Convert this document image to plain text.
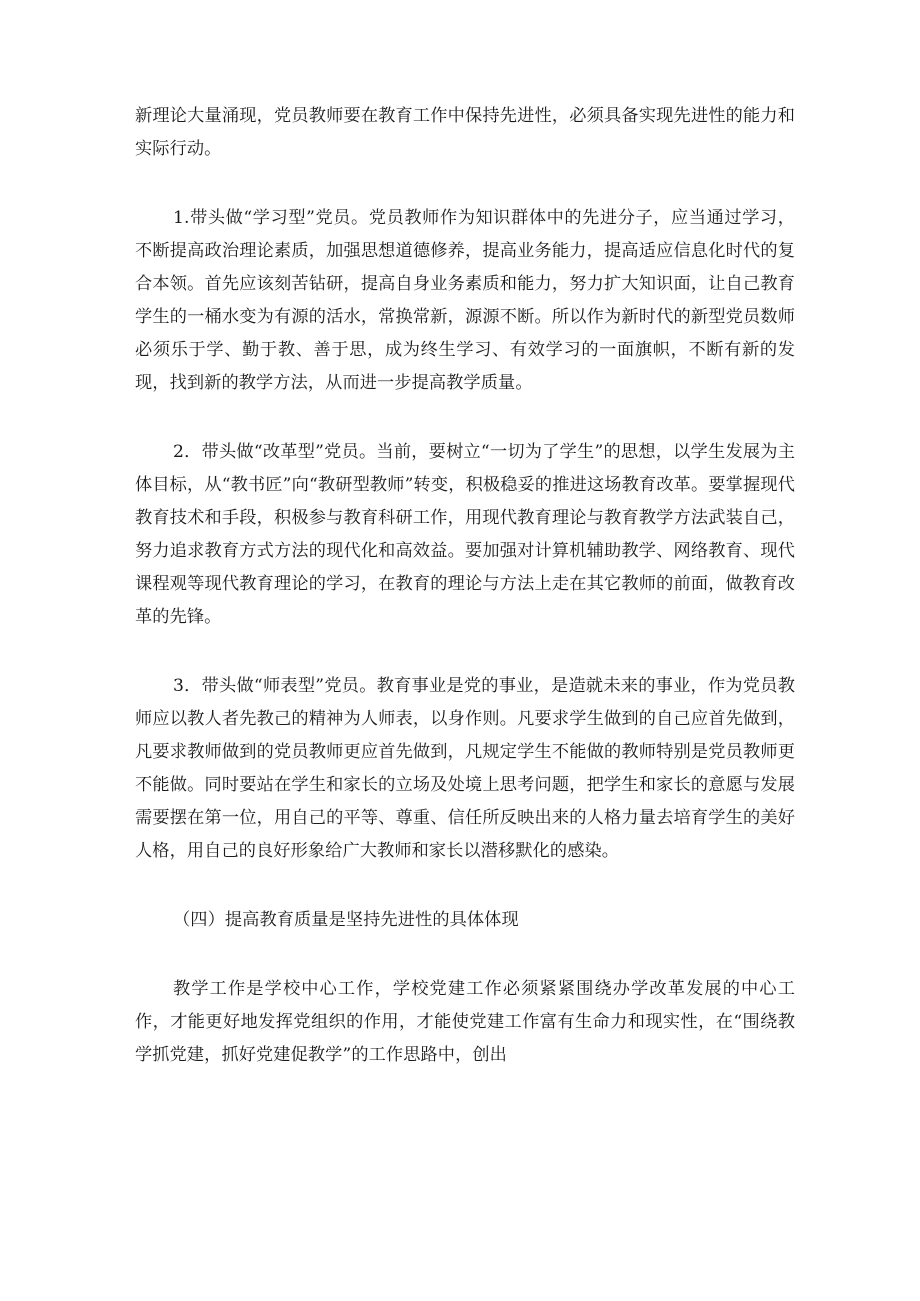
新理论大量涌现，党员教师要在教育工作中保持先进性，必须具备实现先进性的能力和实际行动。

1.带头做“学习型”党员。党员教师作为知识群体中的先进分子，应当通过学习，不断提高政治理论素质，加强思想道德修养，提高业务能力，提高适应信息化时代的复合本领。首先应该刻苦钻研，提高自身业务素质和能力，努力扩大知识面，让自己教育学生的一桶水变为有源的活水，常换常新，源源不断。所以作为新时代的新型党员数师必须乐于学、勤于教、善于思，成为终生学习、有效学习的一面旗帜，不断有新的发现，找到新的教学方法，从而进一步提高教学质量。

2．带头做“改革型”党员。当前，要树立“一切为了学生”的思想，以学生发展为主体目标，从“教书匠”向“教研型教师”转变，积极稳妥的推进这场教育改革。要掌握现代教育技术和手段，积极参与教育科研工作，用现代教育理论与教育教学方法武装自己，努力追求教育方式方法的现代化和高效益。要加强对计算机辅助教学、网络教育、现代课程观等现代教育理论的学习，在教育的理论与方法上走在其它教师的前面，做教育改革的先锋。

3．带头做“师表型”党员。教育事业是党的事业，是造就未来的事业，作为党员教师应以教人者先教己的精神为人师表，以身作则。凡要求学生做到的自己应首先做到，凡要求教师做到的党员教师更应首先做到，凡规定学生不能做的教师特别是党员教师更不能做。同时要站在学生和家长的立场及处境上思考问题，把学生和家长的意愿与发展需要摆在第一位，用自己的平等、尊重、信任所反映出来的人格力量去培育学生的美好人格，用自己的良好形象给广大教师和家长以潜移默化的感染。

（四）提高教育质量是坚持先进性的具体体现

教学工作是学校中心工作，学校党建工作必须紧紧围绕办学改革发展的中心工作，才能更好地发挥党组织的作用，才能使党建工作富有生命力和现实性，在“围绕教学抓党建，抓好党建促教学”的工作思路中，创出
